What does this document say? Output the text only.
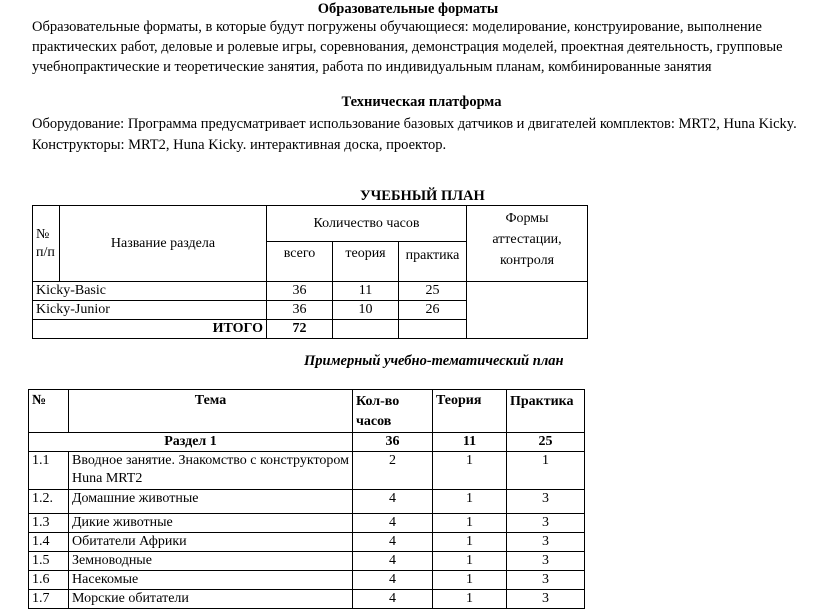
Образовательные форматы
Образовательные форматы, в которые будут погружены обучающиеся: моделирование, конструирование, выполнение практических работ, деловые и ролевые игры, соревнования, демонстрация моделей, проектная деятельность, групповые учебнопрактические и теоретические занятия, работа по индивидуальным планам, комбинированные занятия
Техническая платформа
Оборудование: Программа предусматривает использование базовых датчиков и двигателей комплектов: MRT2, Huna Kicky.
Конструкторы: MRT2, Huna Kicky. интерактивная доска, проектор.
УЧЕБНЫЙ ПЛАН
№ п/п	Название раздела	Количество часов			Формы аттестации, контроля
		всего	теория	практика	
Kicky-Basic		36	11	25	
Kicky-Junior		36	10	26	
ИТОГО		72			
Примерный учебно-тематический план
№	Тема	Кол-во часов	Теория	Практика
Раздел 1		36	11	25
1.1	Вводное занятие. Знакомство с конструктором Huna MRT2	2	1	1
1.2.	Домашние животные	4	1	3
1.3	Дикие животные	4	1	3
1.4	Обитатели Африки	4	1	3
1.5	Земноводные	4	1	3
1.6	Насекомые	4	1	3
1.7	Морские обитатели	4	1	3
